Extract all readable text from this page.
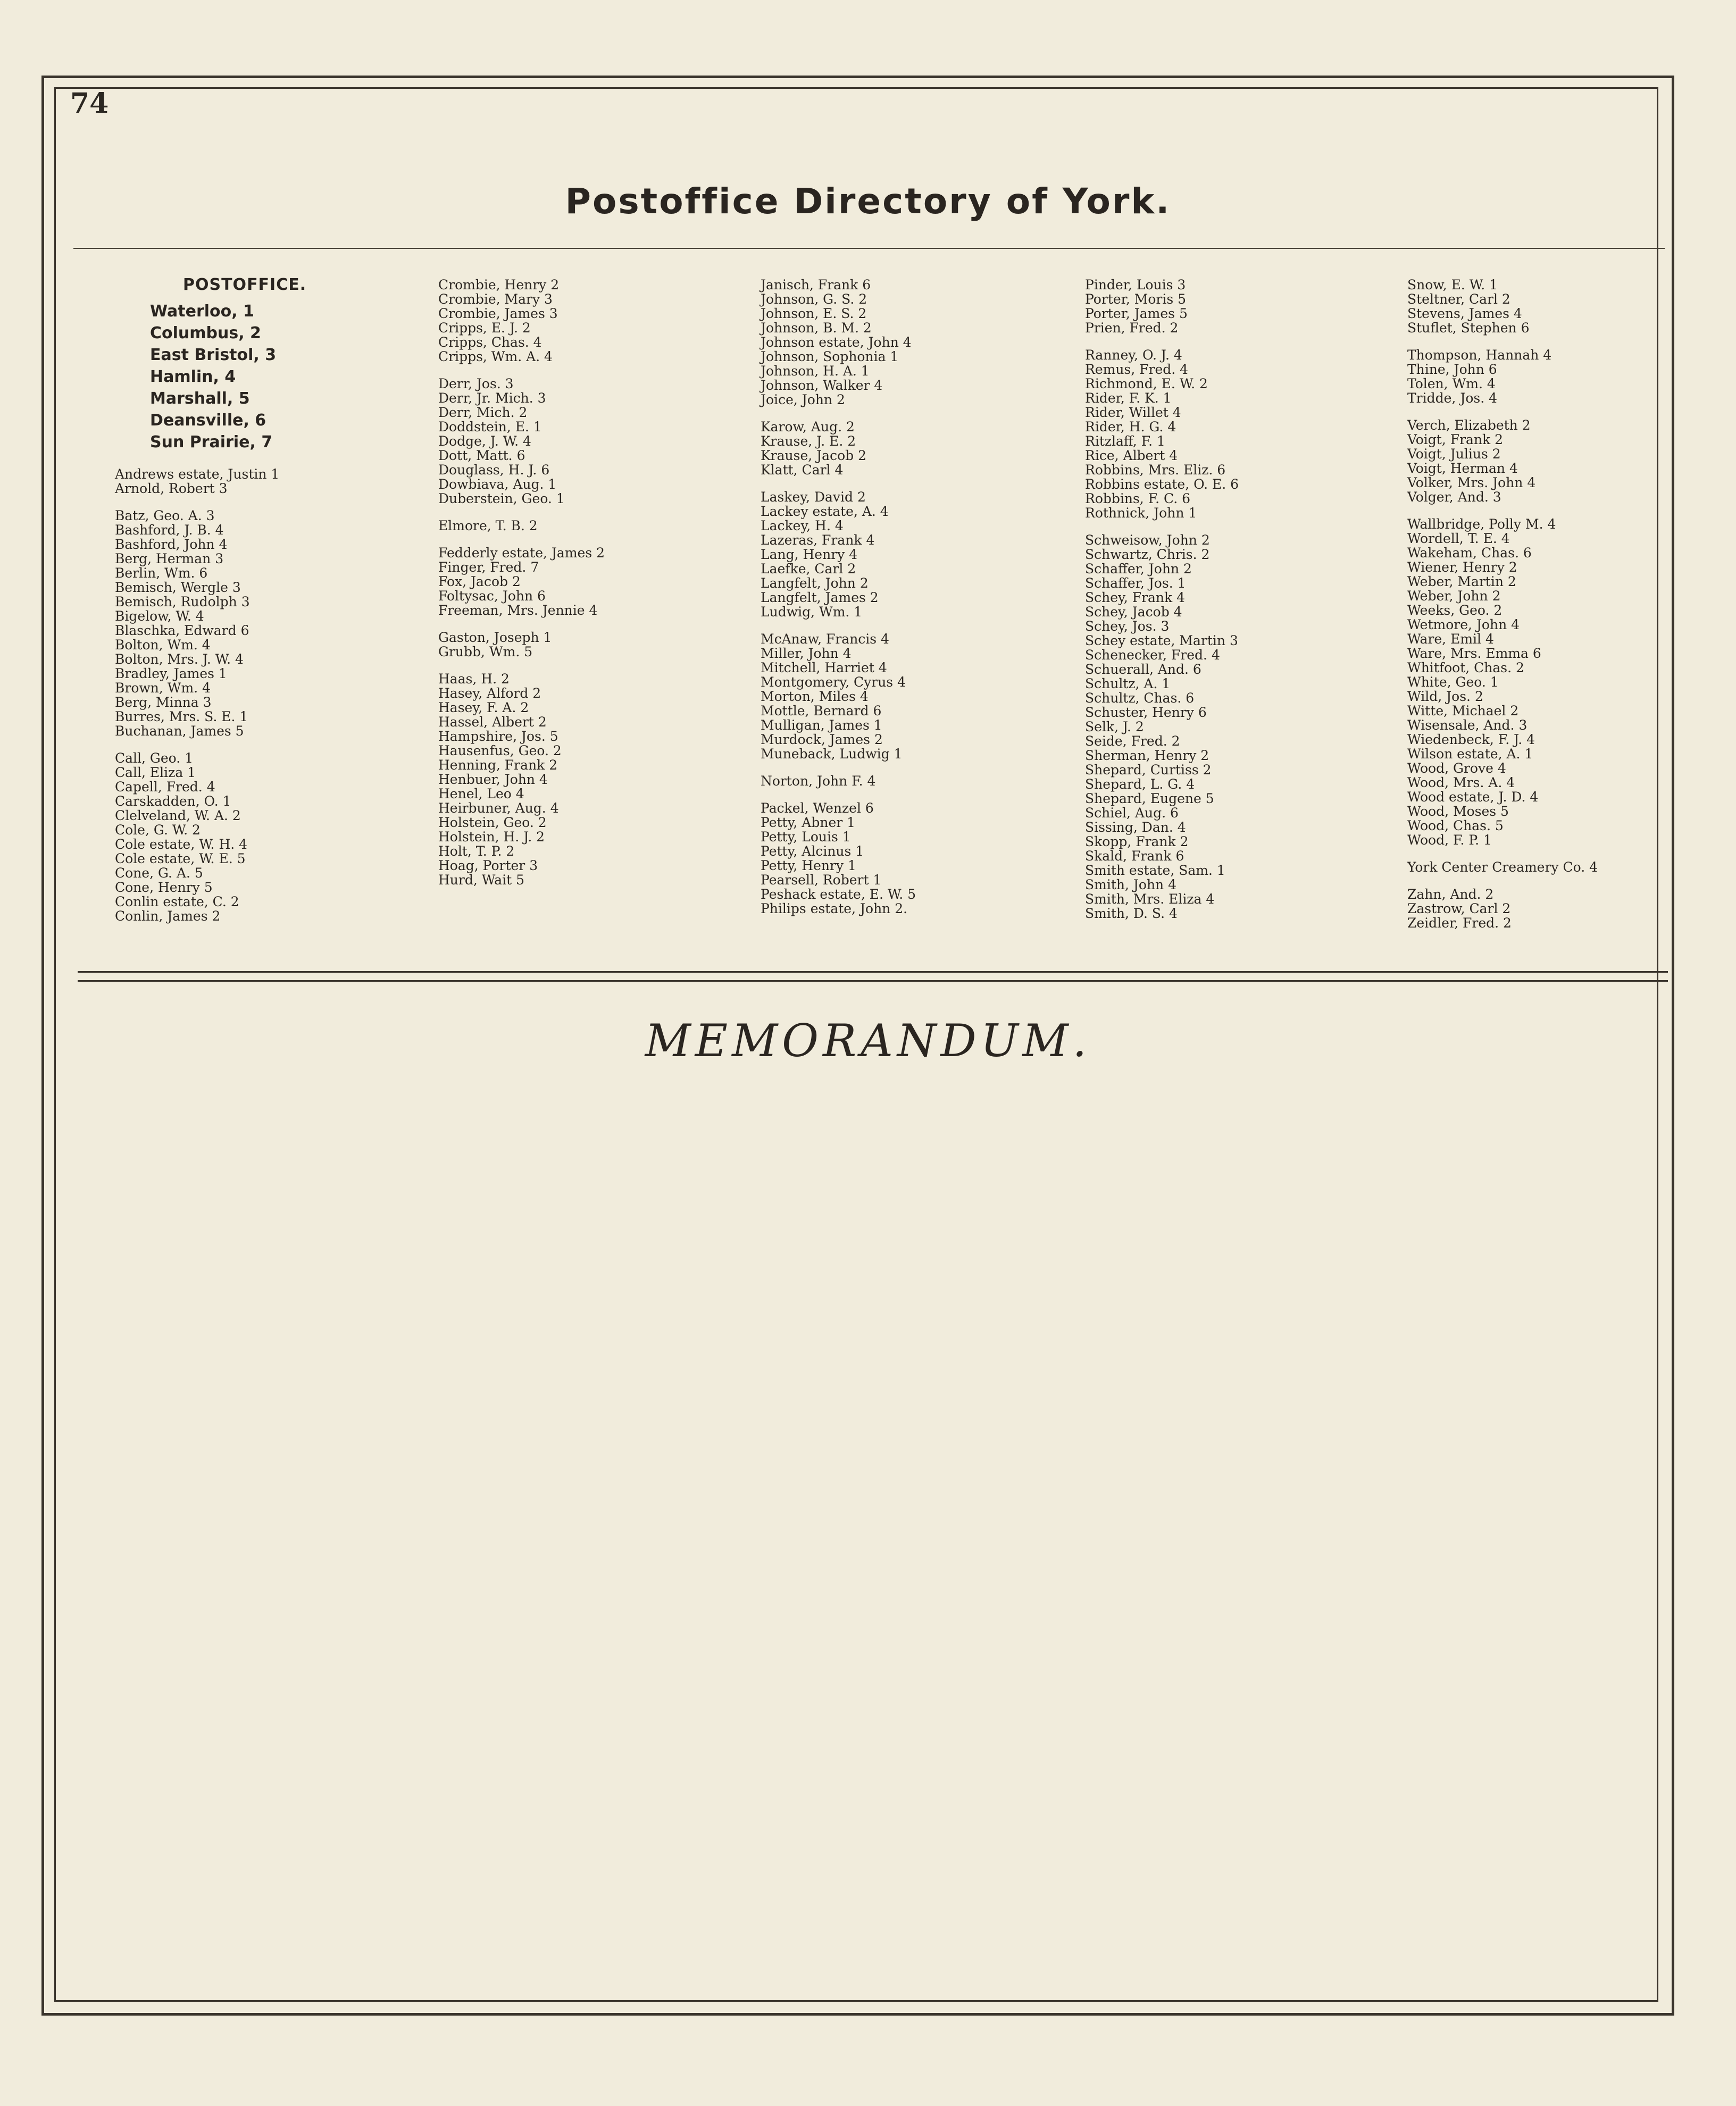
74
Postoffice Directory of York.
POSTOFFICE.
Waterloo, 1
Columbus, 2
East Bristol, 3
Hamlin, 4
Marshall, 5
Deansville, 6
Sun Prairie, 7
Andrews estate, Justin 1
Arnold, Robert 3
Batz, Geo. A. 3
Bashford, J. B. 4
Bashford, John 4
Berg, Herman 3
Berlin, Wm. 6
Bemisch, Wergle 3
Bemisch, Rudolph 3
Bigelow, W. 4
Blaschka, Edward 6
Bolton, Wm. 4
Bolton, Mrs. J. W. 4
Bradley, James 1
Brown, Wm. 4
Berg, Minna 3
Burres, Mrs. S. E. 1
Buchanan, James 5
Call, Geo. 1
Call, Eliza 1
Capell, Fred. 4
Carskadden, O. 1
Clelveland, W. A. 2
Cole, G. W. 2
Cole estate, W. H. 4
Cole estate, W. E. 5
Cone, G. A. 5
Cone, Henry 5
Conlin estate, C. 2
Conlin, James 2
Crombie, Henry 2
Crombie, Mary 3
Crombie, James 3
Cripps, E. J. 2
Cripps, Chas. 4
Cripps, Wm. A. 4
Derr, Jos. 3
Derr, Jr. Mich. 3
Derr, Mich. 2
Doddstein, E. 1
Dodge, J. W. 4
Dott, Matt. 6
Douglass, H. J. 6
Dowbiava, Aug. 1
Duberstein, Geo. 1
Elmore, T. B. 2
Fedderly estate, James 2
Finger, Fred. 7
Fox, Jacob 2
Foltysac, John 6
Freeman, Mrs. Jennie 4
Gaston, Joseph 1
Grubb, Wm. 5
Haas, H. 2
Hasey, Alford 2
Hasey, F. A. 2
Hassel, Albert 2
Hampshire, Jos. 5
Hausenfus, Geo. 2
Henning, Frank 2
Henbuer, John 4
Henel, Leo 4
Heirbuner, Aug. 4
Holstein, Geo. 2
Holstein, H. J. 2
Holt, T. P. 2
Hoag, Porter 3
Hurd, Wait 5
Janisch, Frank 6
Johnson, G. S. 2
Johnson, E. S. 2
Johnson, B. M. 2
Johnson estate, John 4
Johnson, Sophonia 1
Johnson, H. A. 1
Johnson, Walker 4
Joice, John 2
Karow, Aug. 2
Krause, J. E. 2
Krause, Jacob 2
Klatt, Carl 4
Laskey, David 2
Lackey estate, A. 4
Lackey, H. 4
Lazeras, Frank 4
Lang, Henry 4
Laefke, Carl 2
Langfelt, John 2
Langfelt, James 2
Ludwig, Wm. 1
McAnaw, Francis 4
Miller, John 4
Mitchell, Harriet 4
Montgomery, Cyrus 4
Morton, Miles 4
Mottle, Bernard 6
Mulligan, James 1
Murdock, James 2
Muneback, Ludwig 1
Norton, John F. 4
Packel, Wenzel 6
Petty, Abner 1
Petty, Louis 1
Petty, Alcinus 1
Petty, Henry 1
Pearsell, Robert 1
Peshack estate, E. W. 5
Philips estate, John 2.
Pinder, Louis 3
Porter, Moris 5
Porter, James 5
Prien, Fred. 2
Ranney, O. J. 4
Remus, Fred. 4
Richmond, E. W. 2
Rider, F. K. 1
Rider, Willet 4
Rider, H. G. 4
Ritzlaff, F. 1
Rice, Albert 4
Robbins, Mrs. Eliz. 6
Robbins estate, O. E. 6
Robbins, F. C. 6
Rothnick, John 1
Schweisow, John 2
Schwartz, Chris. 2
Schaffer, John 2
Schaffer, Jos. 1
Schey, Frank 4
Schey, Jacob 4
Schey, Jos. 3
Schey estate, Martin 3
Schenecker, Fred. 4
Schuerall, And. 6
Schultz, A. 1
Schultz, Chas. 6
Schuster, Henry 6
Selk, J. 2
Seide, Fred. 2
Sherman, Henry 2
Shepard, Curtiss 2
Shepard, L. G. 4
Shepard, Eugene 5
Schiel, Aug. 6
Sissing, Dan. 4
Skopp, Frank 2
Skald, Frank 6
Smith estate, Sam. 1
Smith, John 4
Smith, Mrs. Eliza 4
Smith, D. S. 4
Snow, E. W. 1
Steltner, Carl 2
Stevens, James 4
Stuflet, Stephen 6
Thompson, Hannah 4
Thine, John 6
Tolen, Wm. 4
Tridde, Jos. 4
Verch, Elizabeth 2
Voigt, Frank 2
Voigt, Julius 2
Voigt, Herman 4
Volker, Mrs. John 4
Volger, And. 3
Wallbridge, Polly M. 4
Wordell, T. E. 4
Wakeham, Chas. 6
Wiener, Henry 2
Weber, Martin 2
Weber, John 2
Weeks, Geo. 2
Wetmore, John 4
Ware, Emil 4
Ware, Mrs. Emma 6
Whitfoot, Chas. 2
White, Geo. 1
Wild, Jos. 2
Witte, Michael 2
Wisensale, And. 3
Wiedenbeck, F. J. 4
Wilson estate, A. 1
Wood, Grove 4
Wood, Mrs. A. 4
Wood estate, J. D. 4
Wood, Moses 5
Wood, Chas. 5
Wood, F. P. 1
York Center Creamery Co. 4
Zahn, And. 2
Zastrow, Carl 2
Zeidler, Fred. 2
MEMORANDUM.
